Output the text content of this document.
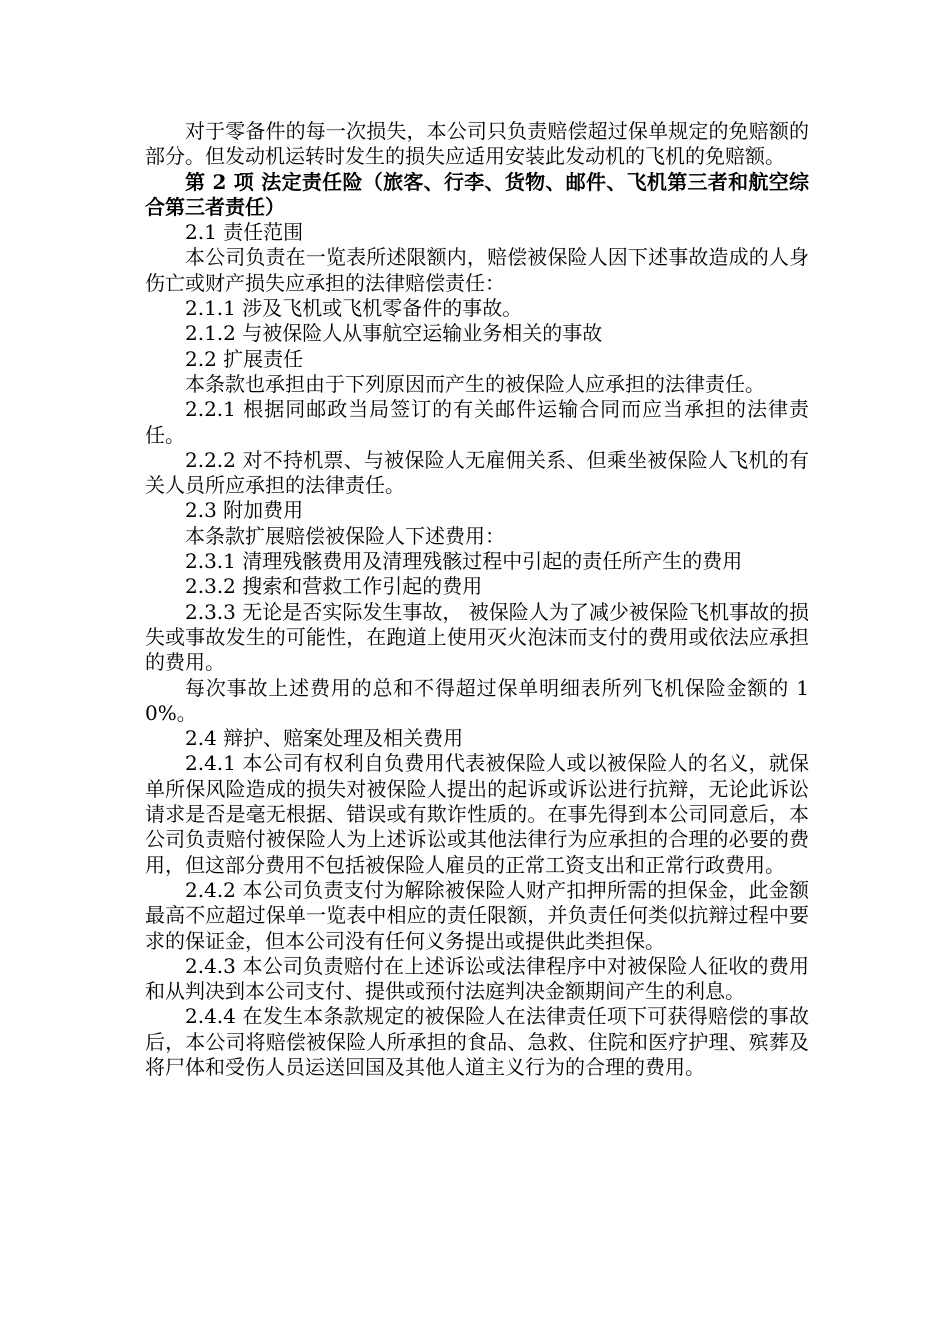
对于零备件的每一次损失，本公司只负责赔偿超过保单规定的免赔额的部分。但发动机运转时发生的损失应适用安装此发动机的飞机的免赔额。

第 2 项 法定责任险（旅客、行李、货物、邮件、飞机第三者和航空综合第三者责任）

2.1 责任范围

本公司负责在一览表所述限额内，赔偿被保险人因下述事故造成的人身伤亡或财产损失应承担的法律赔偿责任：

2.1.1 涉及飞机或飞机零备件的事故。

2.1.2 与被保险人从事航空运输业务相关的事故

2.2 扩展责任

本条款也承担由于下列原因而产生的被保险人应承担的法律责任。

2.2.1 根据同邮政当局签订的有关邮件运输合同而应当承担的法律责任。

2.2.2 对不持机票、与被保险人无雇佣关系、但乘坐被保险人飞机的有关人员所应承担的法律责任。

2.3 附加费用

本条款扩展赔偿被保险人下述费用：

2.3.1 清理残骸费用及清理残骸过程中引起的责任所产生的费用

2.3.2 搜索和营救工作引起的费用

2.3.3 无论是否实际发生事故， 被保险人为了减少被保险飞机事故的损失或事故发生的可能性，在跑道上使用灭火泡沫而支付的费用或依法应承担的费用。

每次事故上述费用的总和不得超过保单明细表所列飞机保险金额的 10%。

2.4 辩护、赔案处理及相关费用

2.4.1 本公司有权利自负费用代表被保险人或以被保险人的名义，就保单所保风险造成的损失对被保险人提出的起诉或诉讼进行抗辩，无论此诉讼请求是否是毫无根据、错误或有欺诈性质的。在事先得到本公司同意后，本公司负责赔付被保险人为上述诉讼或其他法律行为应承担的合理的必要的费用，但这部分费用不包括被保险人雇员的正常工资支出和正常行政费用。

2.4.2 本公司负责支付为解除被保险人财产扣押所需的担保金，此金额最高不应超过保单一览表中相应的责任限额，并负责任何类似抗辩过程中要求的保证金，但本公司没有任何义务提出或提供此类担保。

2.4.3 本公司负责赔付在上述诉讼或法律程序中对被保险人征收的费用和从判决到本公司支付、提供或预付法庭判决金额期间产生的利息。

2.4.4 在发生本条款规定的被保险人在法律责任项下可获得赔偿的事故后，本公司将赔偿被保险人所承担的食品、急救、住院和医疗护理、殡葬及将尸体和受伤人员运送回国及其他人道主义行为的合理的费用。
